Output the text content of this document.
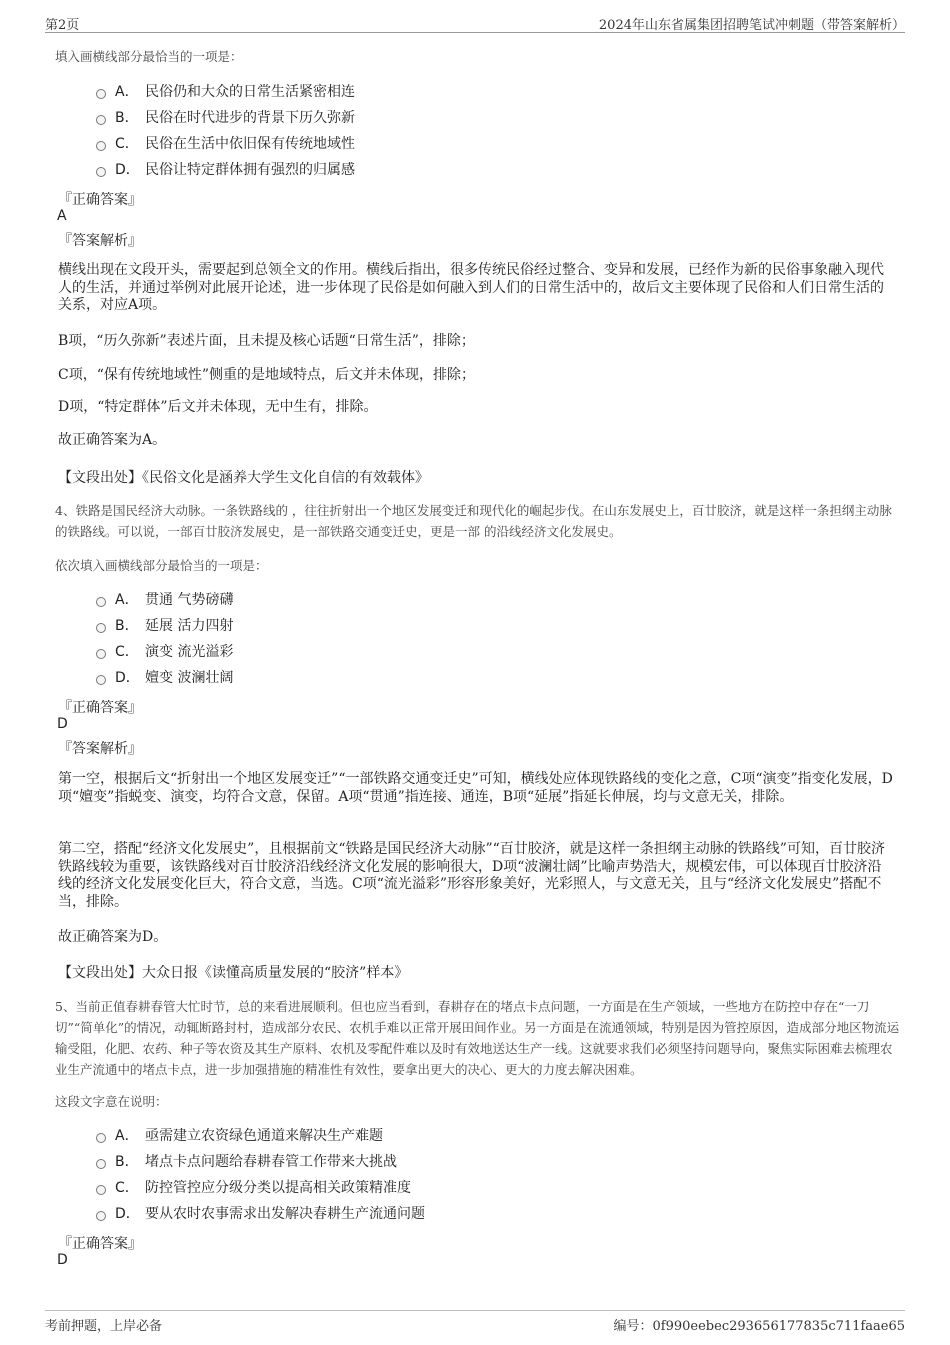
第2页	2024年山东省属集团招聘笔试冲刺题（带答案解析）
填入画横线部分最恰当的一项是：
A． 民俗仍和大众的日常生活紧密相连
B． 民俗在时代进步的背景下历久弥新
C． 民俗在生活中依旧保有传统地域性
D． 民俗让特定群体拥有强烈的归属感
『正确答案』
A
『答案解析』
横线出现在文段开头，需要起到总领全文的作用。横线后指出，很多传统民俗经过整合、变异和发展，已经作为新的民俗事象融入现代人的生活，并通过举例对此展开论述，进一步体现了民俗是如何融入到人们的日常生活中的，故后文主要体现了民俗和人们日常生活的关系，对应A项。
B项，“历久弥新”表述片面，且未提及核心话题“日常生活”，排除；
C项，“保有传统地域性”侧重的是地域特点，后文并未体现，排除；
D项，“特定群体”后文并未体现，无中生有，排除。
故正确答案为A。
【文段出处】《民俗文化是涵养大学生文化自信的有效载体》
4、铁路是国民经济大动脉。一条铁路线的 ，往往折射出一个地区发展变迁和现代化的崛起步伐。在山东发展史上，百廿胶济，就是这样一条担纲主动脉的铁路线。可以说，一部百廿胶济发展史，是一部铁路交通变迁史，更是一部 的沿线经济文化发展史。
依次填入画横线部分最恰当的一项是：
A． 贯通 气势磅礴
B． 延展 活力四射
C． 演变 流光溢彩
D． 嬗变 波澜壮阔
『正确答案』
D
『答案解析』
第一空，根据后文“折射出一个地区发展变迁”“一部铁路交通变迁史”可知，横线处应体现铁路线的变化之意，C项“演变”指变化发展，D项“嬗变”指蜕变、演变，均符合文意，保留。A项“贯通”指连接、通连，B项“延展”指延长伸展，均与文意无关，排除。
第二空，搭配“经济文化发展史”，且根据前文“铁路是国民经济大动脉”“百廿胶济，就是这样一条担纲主动脉的铁路线”可知，百廿胶济铁路线较为重要，该铁路线对百廿胶济沿线经济文化发展的影响很大，D项“波澜壮阔”比喻声势浩大，规模宏伟，可以体现百廿胶济沿线的经济文化发展变化巨大，符合文意，当选。C项“流光溢彩”形容形象美好，光彩照人，与文意无关，且与“经济文化发展史”搭配不当，排除。
故正确答案为D。
【文段出处】大众日报《读懂高质量发展的“胶济”样本》
5、当前正值春耕春管大忙时节，总的来看进展顺利。但也应当看到，春耕存在的堵点卡点问题，一方面是在生产领域，一些地方在防控中存在“一刀切”“简单化”的情况，动辄断路封村，造成部分农民、农机手难以正常开展田间作业。另一方面是在流通领域，特别是因为管控原因，造成部分地区物流运输受阻，化肥、农药、种子等农资及其生产原料、农机及零配件难以及时有效地送达生产一线。这就要求我们必须坚持问题导向，聚焦实际困难去梳理农业生产流通中的堵点卡点，进一步加强措施的精准性有效性，要拿出更大的决心、更大的力度去解决困难。
这段文字意在说明：
A． 亟需建立农资绿色通道来解决生产难题
B． 堵点卡点问题给春耕春管工作带来大挑战
C． 防控管控应分级分类以提高相关政策精准度
D． 要从农时农事需求出发解决春耕生产流通问题
『正确答案』
D
考前押题，上岸必备	编号：0f990eebec293656177835c711faae65
